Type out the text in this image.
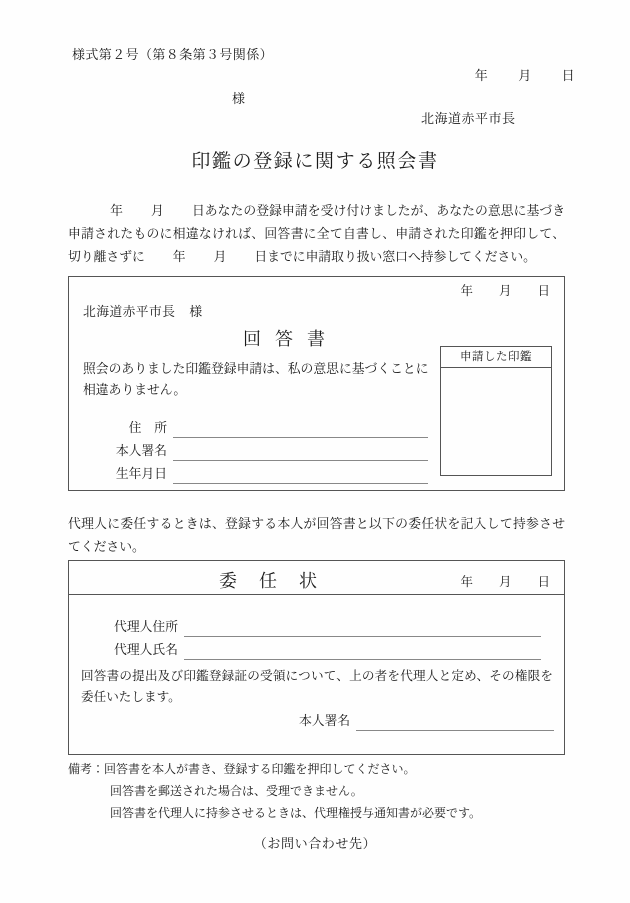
様式第２号（第８条第３号関係）
年 月 日
様
北海道赤平市長
印鑑の登録に関する照会書
年 月 日あなたの登録申請を受け付けましたが、あなたの意思に基づき申請されたものに相違なければ、回答書に全て自書し、申請された印鑑を押印して、切り離さずに 年 月 日までに申請取り扱い窓口へ持参してください。
年 月 日
北海道赤平市長 様
回答書
照会のありました印鑑登録申請は、私の意思に基づくことに相違ありません。
申請した印鑑
住　所
本人署名
生年月日
代理人に委任するときは、登録する本人が回答書と以下の委任状を記入して持参させてください。
委任状	年 月 日
代理人住所
代理人氏名
回答書の提出及び印鑑登録証の受領について、上の者を代理人と定め、その権限を委任いたします。
本人署名
備考：回答書を本人が書き、登録する印鑑を押印してください。
回答書を郵送された場合は、受理できません。
回答書を代理人に持参させるときは、代理権授与通知書が必要です。
（お問い合わせ先）
